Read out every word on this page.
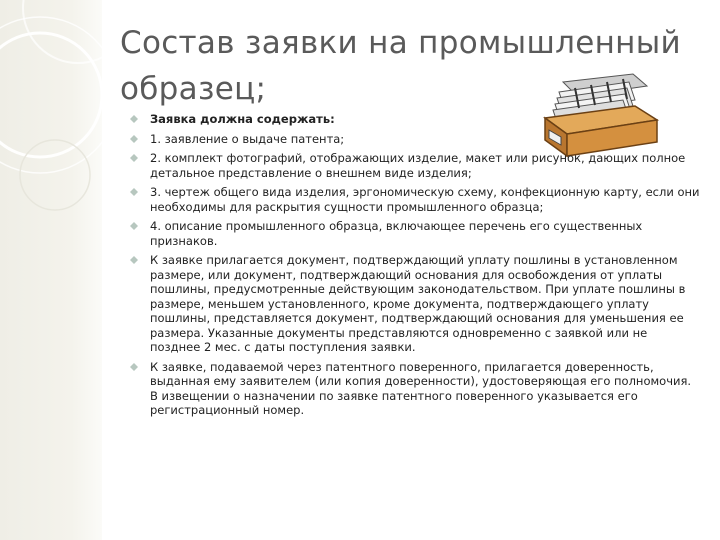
Состав заявки на промышленный
образец;
Заявка должна содержать:
1. заявление о выдаче патента;
2. комплект фотографий, отображающих изделие, макет или рисунок, дающих полное детальное представление о внешнем виде изделия;
3. чертеж общего вида изделия, эргономическую схему, конфекционную карту, если они необходимы для раскрытия сущности промышленного образца;
4. описание промышленного образца, включающее перечень его существенных признаков.
К заявке прилагается документ, подтверждающий уплату пошлины в установленном размере, или документ, подтверждающий основания для освобождения от уплаты пошлины, предусмотренные действующим законодательством. При уплате пошлины в размере, меньшем установленного, кроме документа, подтверждающего уплату пошлины, представляется документ, подтверждающий основания для уменьшения ее размера. Указанные документы представляются одновременно с заявкой или не позднее 2 мес. с даты поступления заявки.
К заявке, подаваемой через патентного поверенного, прилагается доверенность, выданная ему заявителем (или копия доверенности), удостоверяющая его полномочия. В извещении о назначении по заявке патентного поверенного указывается его регистрационный номер.
